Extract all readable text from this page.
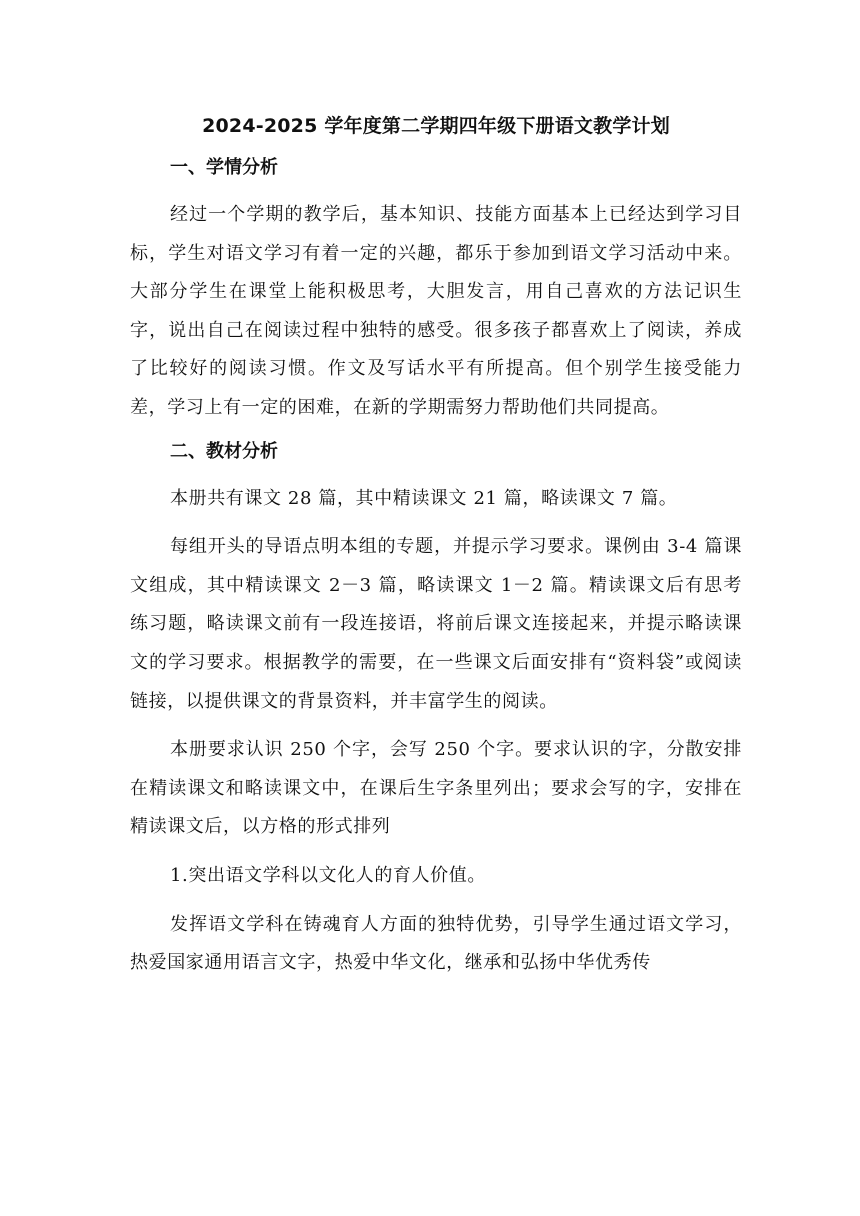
2024-2025 学年度第二学期四年级下册语文教学计划
一、学情分析

经过一个学期的教学后，基本知识、技能方面基本上已经达到学习目标，学生对语文学习有着一定的兴趣，都乐于参加到语文学习活动中来。大部分学生在课堂上能积极思考，大胆发言，用自己喜欢的方法记识生字，说出自己在阅读过程中独特的感受。很多孩子都喜欢上了阅读，养成了比较好的阅读习惯。作文及写话水平有所提高。但个别学生接受能力差，学习上有一定的困难，在新的学期需努力帮助他们共同提高。

二、教材分析

本册共有课文 28 篇，其中精读课文 21 篇，略读课文 7 篇。

每组开头的导语点明本组的专题，并提示学习要求。课例由 3-4 篇课文组成，其中精读课文 2－3 篇，略读课文 1－2 篇。精读课文后有思考练习题，略读课文前有一段连接语，将前后课文连接起来，并提示略读课文的学习要求。根据教学的需要，在一些课文后面安排有“资料袋”或阅读链接，以提供课文的背景资料，并丰富学生的阅读。

本册要求认识 250 个字，会写 250 个字。要求认识的字，分散安排在精读课文和略读课文中，在课后生字条里列出；要求会写的字，安排在精读课文后，以方格的形式排列

1.突出语文学科以文化人的育人价值。

发挥语文学科在铸魂育人方面的独特优势，引导学生通过语文学习，热爱国家通用语言文字，热爱中华文化，继承和弘扬中华优秀传
